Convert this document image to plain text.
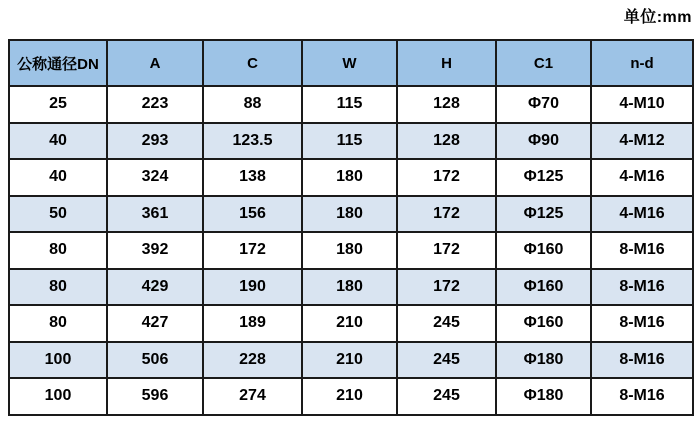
单位:mm
公称通径DN	A	C	W	H	C1	n-d
25	223	88	115	128	Φ70	4-M10
40	293	123.5	115	128	Φ90	4-M12
40	324	138	180	172	Φ125	4-M16
50	361	156	180	172	Φ125	4-M16
80	392	172	180	172	Φ160	8-M16
80	429	190	180	172	Φ160	8-M16
80	427	189	210	245	Φ160	8-M16
100	506	228	210	245	Φ180	8-M16
100	596	274	210	245	Φ180	8-M16
